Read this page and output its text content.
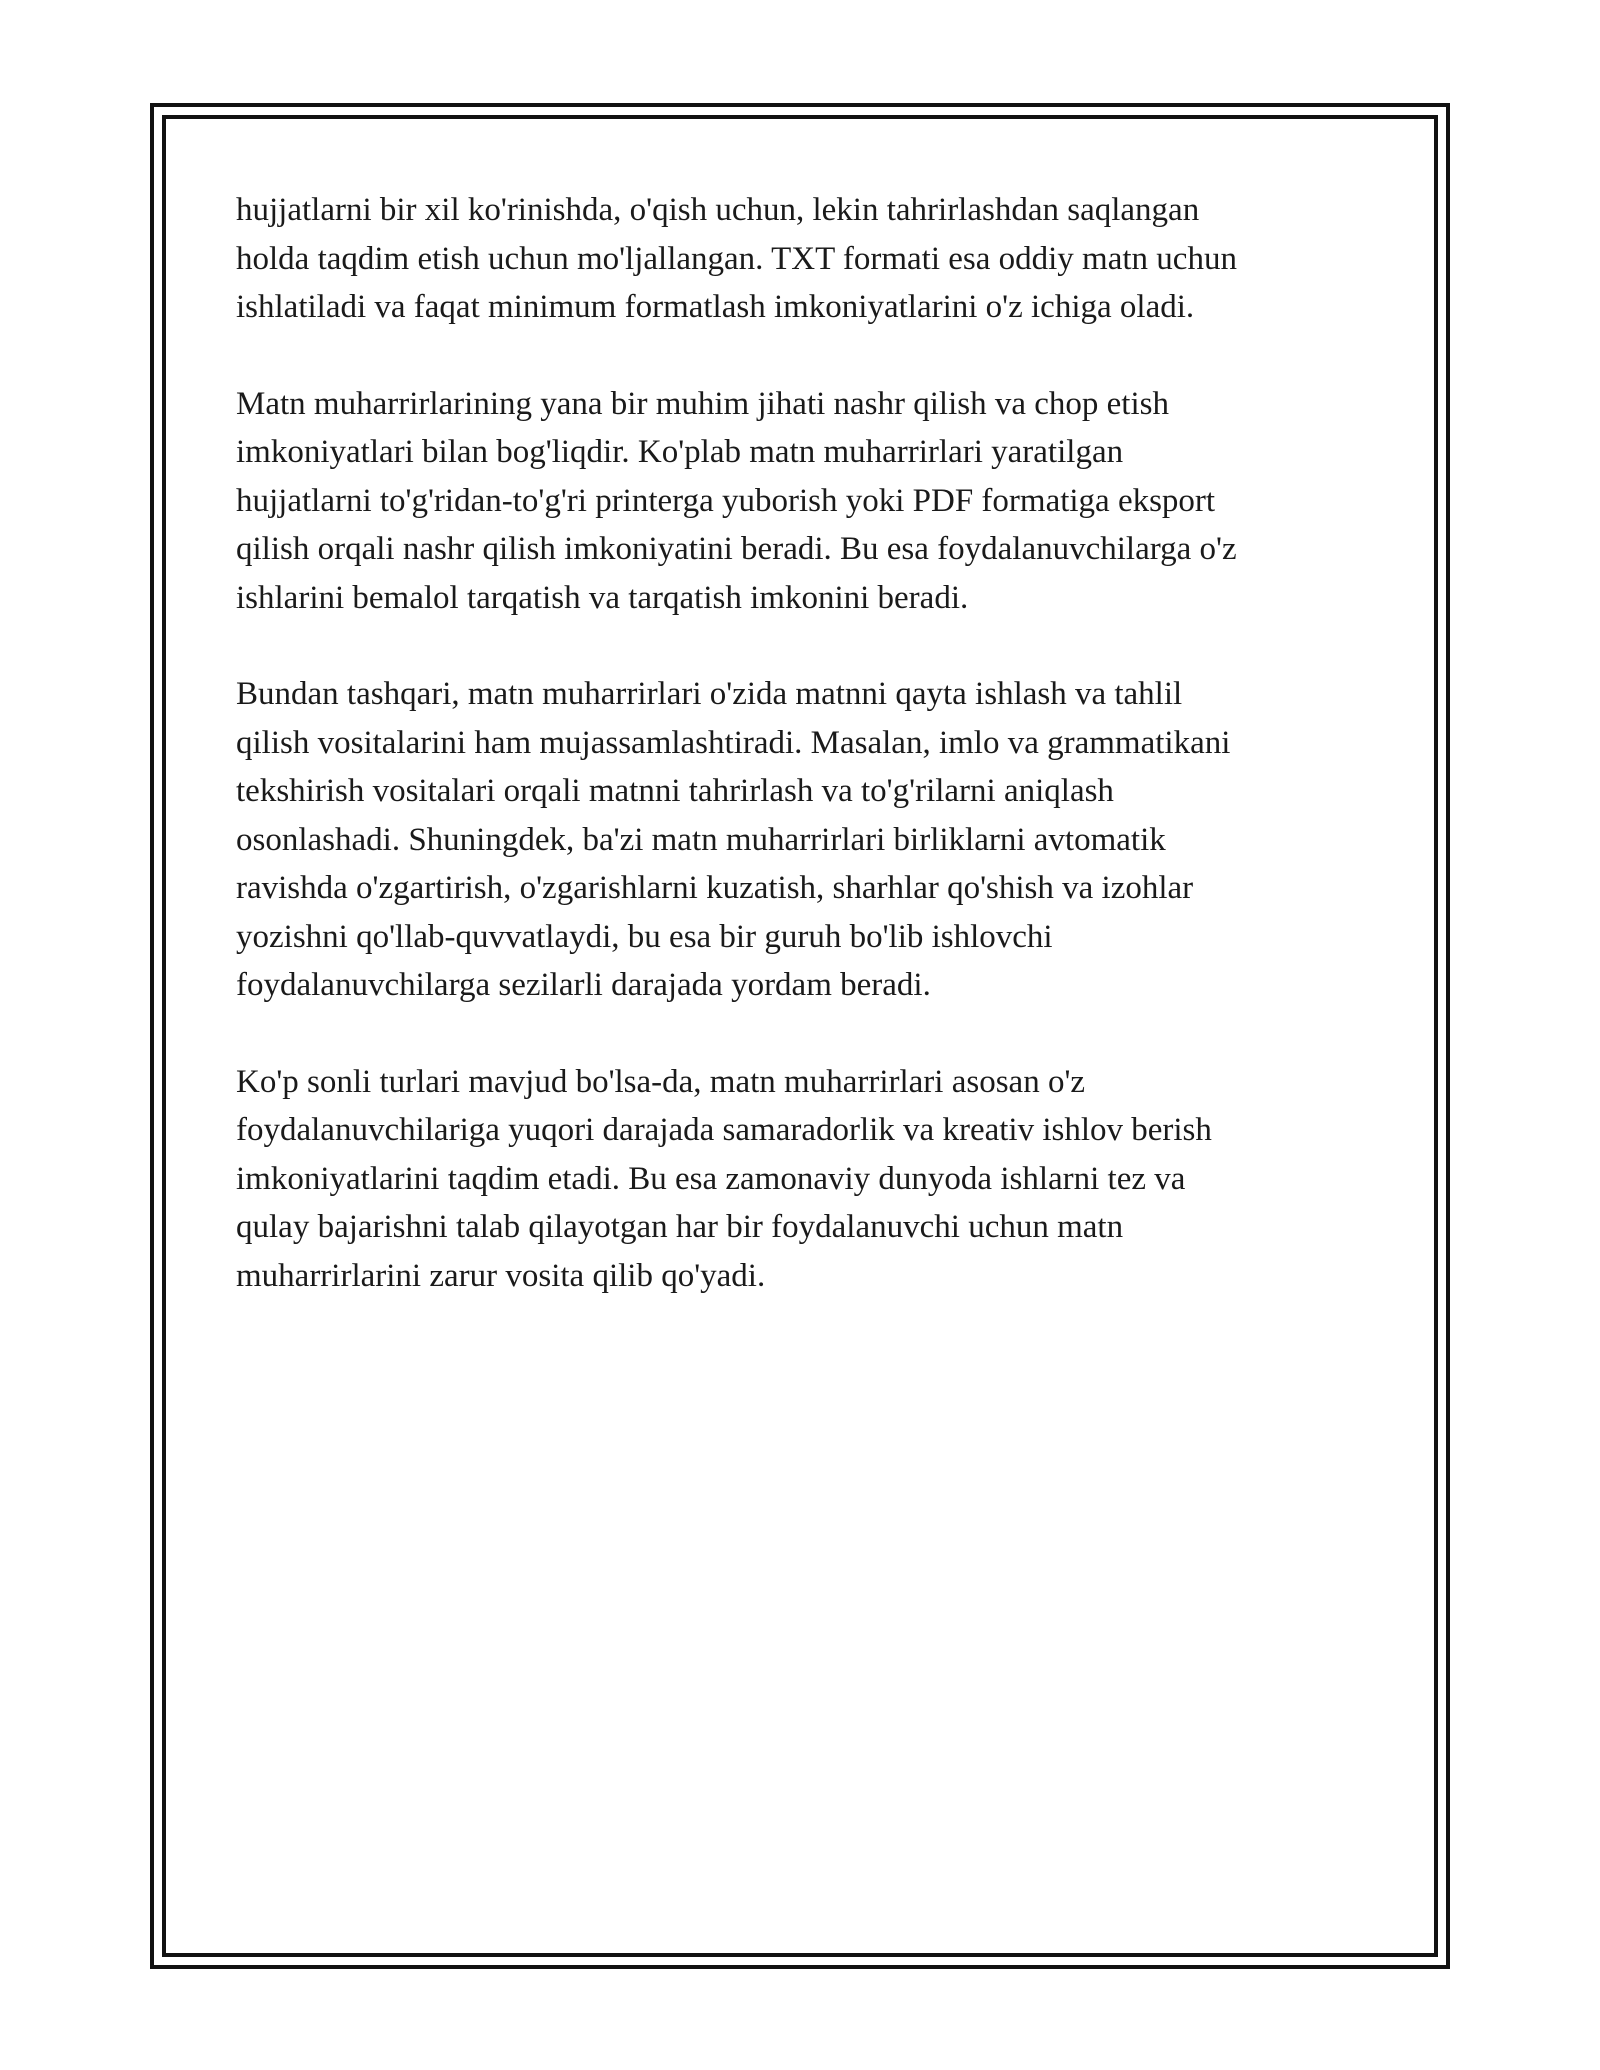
hujjatlarni bir xil ko'rinishda, o'qish uchun, lekin tahrirlashdan saqlangan
holda taqdim etish uchun mo'ljallangan. TXT formati esa oddiy matn uchun
ishlatiladi va faqat minimum formatlash imkoniyatlarini o'z ichiga oladi.

Matn muharrirlarining yana bir muhim jihati nashr qilish va chop etish
imkoniyatlari bilan bog'liqdir. Ko'plab matn muharrirlari yaratilgan
hujjatlarni to'g'ridan-to'g'ri printerga yuborish yoki PDF formatiga eksport
qilish orqali nashr qilish imkoniyatini beradi. Bu esa foydalanuvchilarga o'z
ishlarini bemalol tarqatish va tarqatish imkonini beradi.

Bundan tashqari, matn muharrirlari o'zida matnni qayta ishlash va tahlil
qilish vositalarini ham mujassamlashtiradi. Masalan, imlo va grammatikani
tekshirish vositalari orqali matnni tahrirlash va to'g'rilarni aniqlash
osonlashadi. Shuningdek, ba'zi matn muharrirlari birliklarni avtomatik
ravishda o'zgartirish, o'zgarishlarni kuzatish, sharhlar qo'shish va izohlar
yozishni qo'llab-quvvatlaydi, bu esa bir guruh bo'lib ishlovchi
foydalanuvchilarga sezilarli darajada yordam beradi.

Ko'p sonli turlari mavjud bo'lsa-da, matn muharrirlari asosan o'z
foydalanuvchilariga yuqori darajada samaradorlik va kreativ ishlov berish
imkoniyatlarini taqdim etadi. Bu esa zamonaviy dunyoda ishlarni tez va
qulay bajarishni talab qilayotgan har bir foydalanuvchi uchun matn
muharrirlarini zarur vosita qilib qo'yadi.
